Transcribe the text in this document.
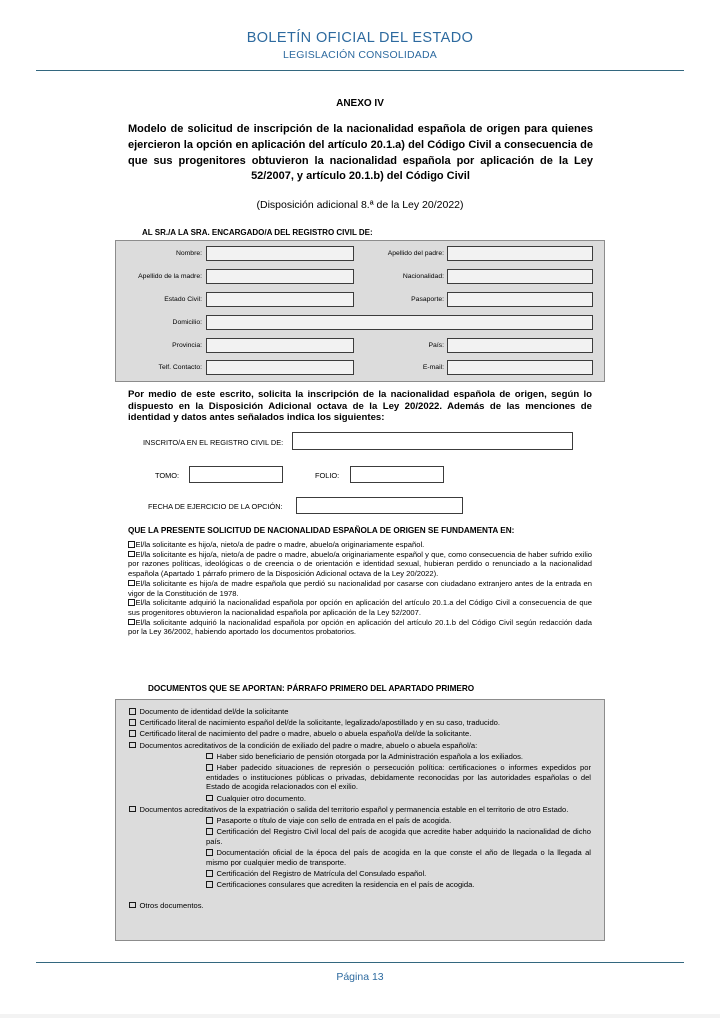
BOLETÍN OFICIAL DEL ESTADO
LEGISLACIÓN CONSOLIDADA
ANEXO IV
Modelo de solicitud de inscripción de la nacionalidad española de origen para quienes ejercieron la opción en aplicación del artículo 20.1.a) del Código Civil a consecuencia de que sus progenitores obtuvieron la nacionalidad española por aplicación de la Ley 52/2007, y artículo 20.1.b) del Código Civil
(Disposición adicional 8.ª de la Ley 20/2022)
AL SR./A LA SRA. ENCARGADO/A DEL REGISTRO CIVIL DE:
Nombre:	Apellido del padre:
Apellido de la madre:	Nacionalidad:
Estado Civil:	Pasaporte:
Domicilio:
Provincia:	País:
Telf. Contacto:	E-mail:
Por medio de este escrito, solicita la inscripción de la nacionalidad española de origen, según lo dispuesto en la Disposición Adicional octava de la Ley 20/2022. Además de las menciones de identidad y datos antes señalados indica los siguientes:
INSCRITO/A EN EL REGISTRO CIVIL DE:
TOMO:	FOLIO:
FECHA DE EJERCICIO DE LA OPCIÓN:
QUE LA PRESENTE SOLICITUD DE NACIONALIDAD ESPAÑOLA DE ORIGEN SE FUNDAMENTA EN:
El/la solicitante es hijo/a, nieto/a de padre o madre, abuelo/a originariamente español.
El/la solicitante es hijo/a, nieto/a de padre o madre, abuelo/a originariamente español y que, como consecuencia de haber sufrido exilio por razones políticas, ideológicas o de creencia o de orientación e identidad sexual, hubieran perdido o renunciado a la nacionalidad española (Apartado 1 párrafo primero de la Disposición Adicional octava de la Ley 20/2022).
El/la solicitante es hijo/a de madre española que perdió su nacionalidad por casarse con ciudadano extranjero antes de la entrada en vigor de la Constitución de 1978.
El/la solicitante adquirió la nacionalidad española por opción en aplicación del artículo 20.1.a del Código Civil a consecuencia de que sus progenitores obtuvieron la nacionalidad española por aplicación de la Ley 52/2007.
El/la solicitante adquirió la nacionalidad española por opción en aplicación del artículo 20.1.b del Código Civil según redacción dada por la Ley 36/2002, habiendo aportado los documentos probatorios.
DOCUMENTOS QUE SE APORTAN: PÁRRAFO PRIMERO DEL APARTADO PRIMERO
Documento de identidad del/de la solicitante
Certificado literal de nacimiento español del/de la solicitante, legalizado/apostillado y en su caso, traducido.
Certificado literal de nacimiento del padre o madre, abuelo o abuela español/a del/de la solicitante.
Documentos acreditativos de la condición de exiliado del padre o madre, abuelo o abuela español/a:
Haber sido beneficiario de pensión otorgada por la Administración española a los exiliados.
Haber padecido situaciones de represión o persecución política: certificaciones o informes expedidos por entidades o instituciones públicas o privadas, debidamente reconocidas por las autoridades españolas o del Estado de acogida relacionados con el exilio.
Cualquier otro documento.
Documentos acreditativos de la expatriación o salida del territorio español y permanencia estable en el territorio de otro Estado.
Pasaporte o título de viaje con sello de entrada en el país de acogida.
Certificación del Registro Civil local del país de acogida que acredite haber adquirido la nacionalidad de dicho país.
Documentación oficial de la época del país de acogida en la que conste el año de llegada o la llegada al mismo por cualquier medio de transporte.
Certificación del Registro de Matrícula del Consulado español.
Certificaciones consulares que acrediten la residencia en el país de acogida.
Otros documentos.
Página 13
